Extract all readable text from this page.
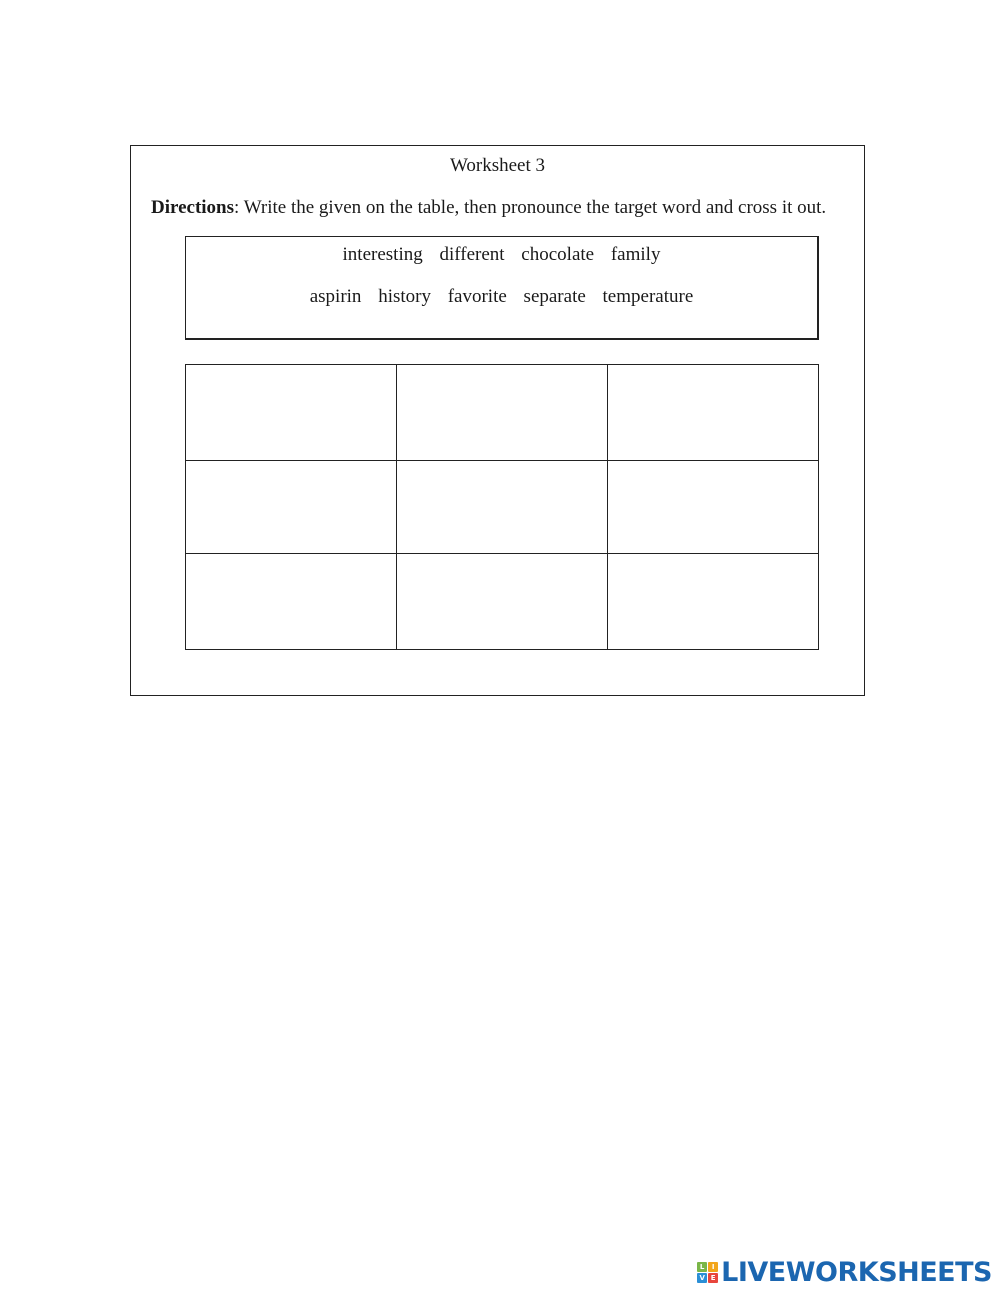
Worksheet 3
Directions: Write the given on the table, then pronounce the target word and cross it out.
interesting different chocolate family
aspirin history favorite separate temperature

L	I
V E LIVEWORKSHEETS
